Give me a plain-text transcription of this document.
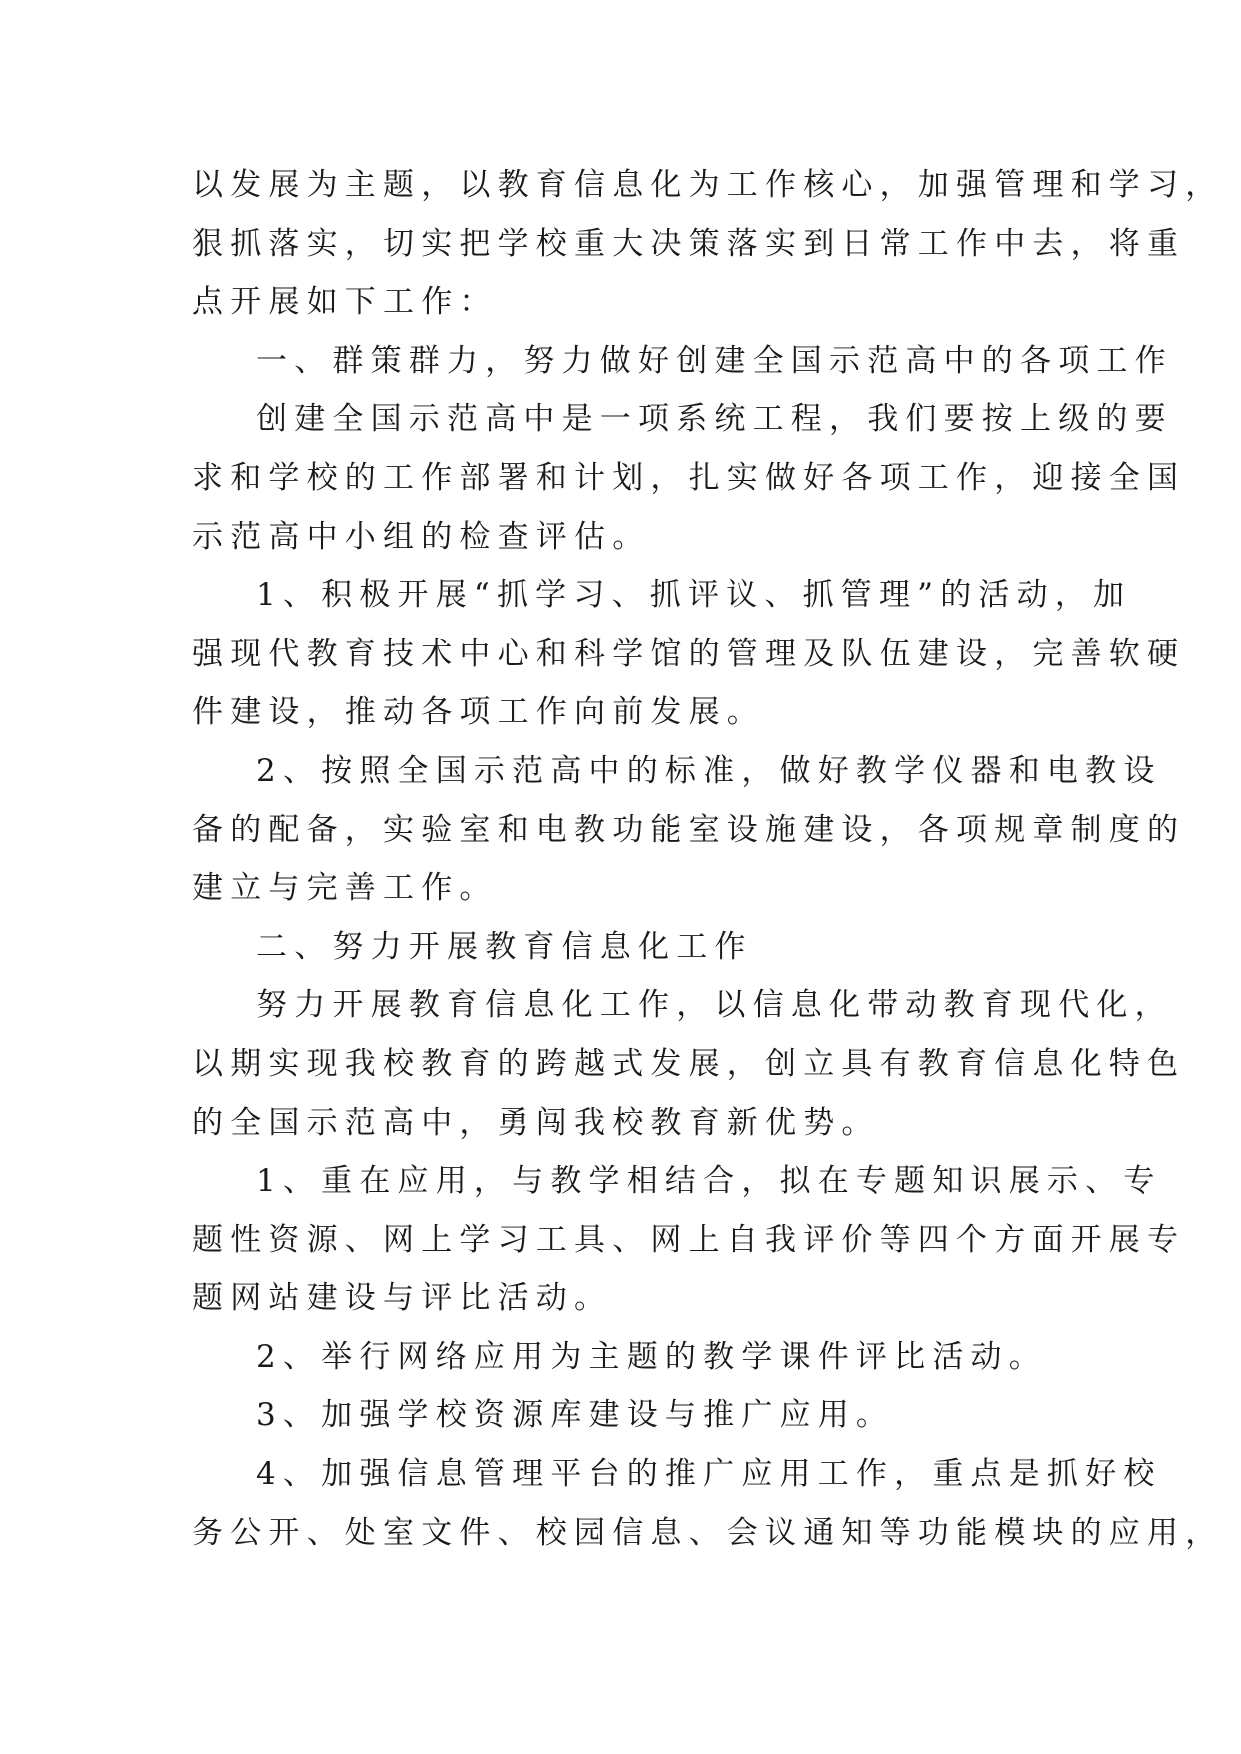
以发展为主题，以教育信息化为工作核心，加强管理和学习，
狠抓落实，切实把学校重大决策落实到日常工作中去，将重
点开展如下工作：
一、群策群力，努力做好创建全国示范高中的各项工作
创建全国示范高中是一项系统工程，我们要按上级的要
求和学校的工作部署和计划，扎实做好各项工作，迎接全国
示范高中小组的检查评估。
1、积极开展“抓学习、抓评议、抓管理”的活动，加
强现代教育技术中心和科学馆的管理及队伍建设，完善软硬
件建设，推动各项工作向前发展。
2、按照全国示范高中的标准，做好教学仪器和电教设
备的配备，实验室和电教功能室设施建设，各项规章制度的
建立与完善工作。
二、努力开展教育信息化工作
努力开展教育信息化工作，以信息化带动教育现代化，
以期实现我校教育的跨越式发展，创立具有教育信息化特色
的全国示范高中，勇闯我校教育新优势。
1、重在应用，与教学相结合，拟在专题知识展示、专
题性资源、网上学习工具、网上自我评价等四个方面开展专
题网站建设与评比活动。
2、举行网络应用为主题的教学课件评比活动。
3、加强学校资源库建设与推广应用。
4、加强信息管理平台的推广应用工作，重点是抓好校
务公开、处室文件、校园信息、会议通知等功能模块的应用，
